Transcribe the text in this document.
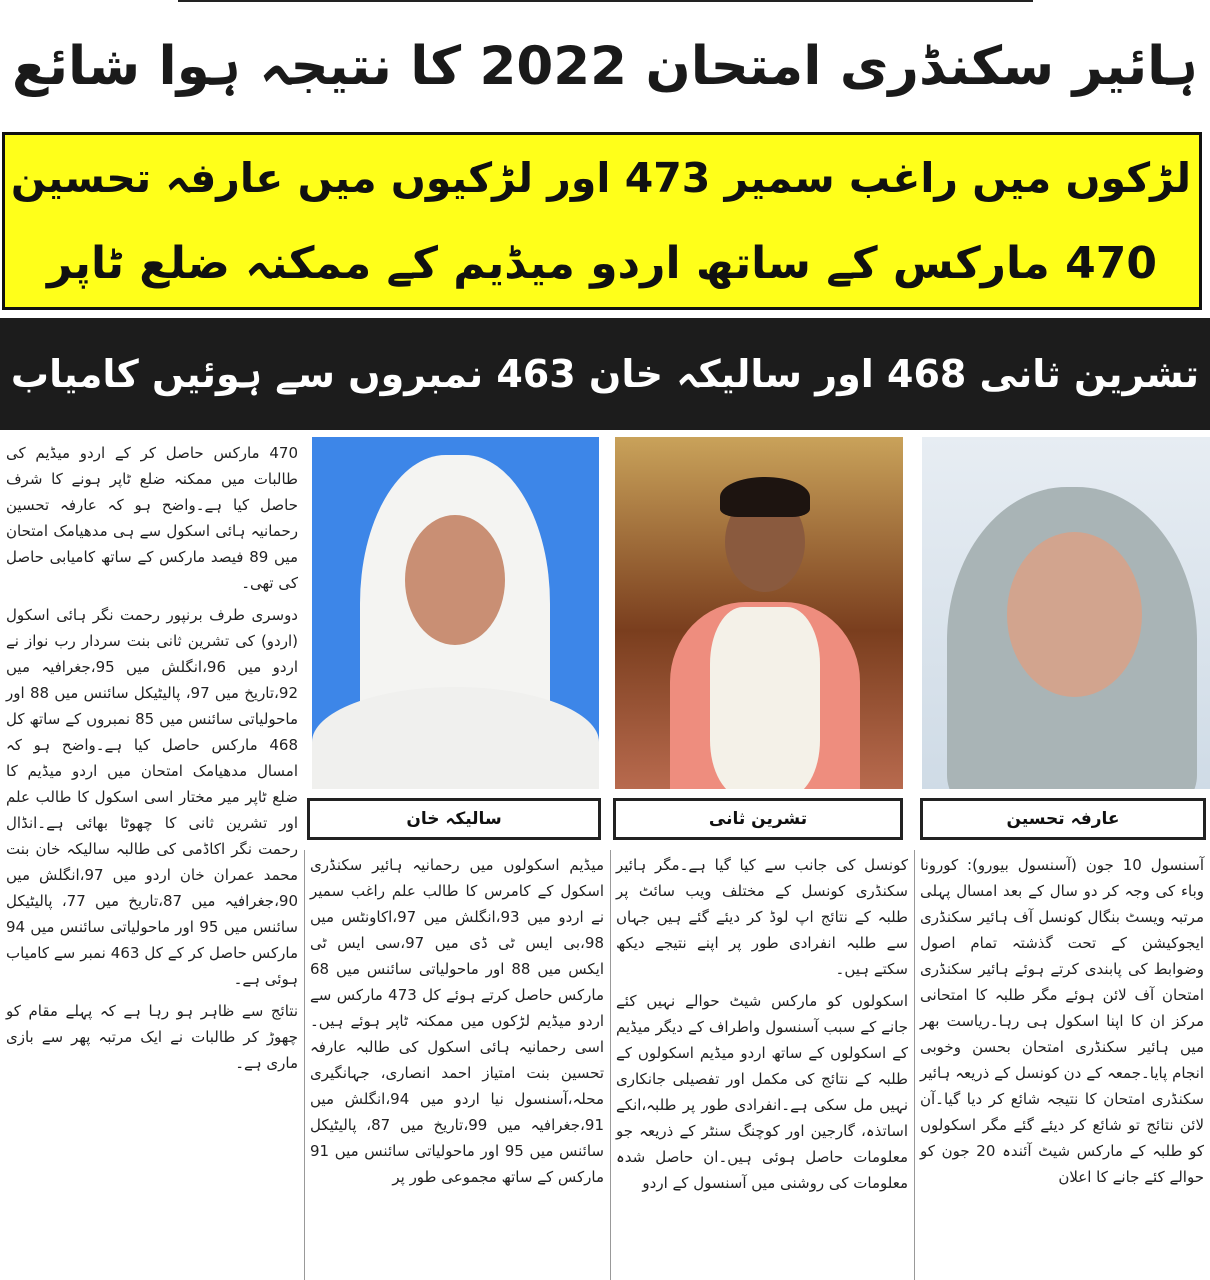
ہائیر سکنڈری امتحان 2022 کا نتیجہ ہوا شائع
لڑکوں میں راغب سمیر 473 اور لڑکیوں میں عارفہ تحسین
470 مارکس کے ساتھ اردو میڈیم کے ممکنہ ضلع ٹاپر
تشرین ثانی 468 اور سالیکہ خان 463 نمبروں سے ہوئیں کامیاب

470 مارکس حاصل کر کے اردو میڈیم کی طالبات میں ممکنہ ضلع ٹاپر ہونے کا شرف حاصل کیا ہے۔واضح ہو کہ عارفہ تحسین رحمانیہ ہائی اسکول سے ہی مدھیامک امتحان میں 89 فیصد مارکس کے ساتھ کامیابی حاصل کی تھی۔

دوسری طرف برنپور رحمت نگر ہائی اسکول (اردو) کی تشرین ثانی بنت سردار رب نواز نے اردو میں 96،انگلش میں 95،جغرافیہ میں 92،تاریخ میں 97، پالیٹیکل سائنس میں 88 اور ماحولیاتی سائنس میں 85 نمبروں کے ساتھ کل 468 مارکس حاصل کیا ہے۔واضح ہو کہ امسال مدھیامک امتحان میں اردو میڈیم کا ضلع ٹاپر میر مختار اسی اسکول کا طالب علم اور تشرین ثانی کا چھوٹا بھائی ہے۔انڈال رحمت نگر اکاڈمی کی طالبہ سالیکہ خان بنت محمد عمران خان اردو میں 97،انگلش میں 90،جغرافیہ میں 87،تاریخ میں 77، پالیٹیکل سائنس میں 95 اور ماحولیاتی سائنس میں 94 مارکس حاصل کر کے کل 463 نمبر سے کامیاب ہوئی ہے۔

نتائج سے ظاہر ہو رہا ہے کہ پہلے مقام کو چھوڑ کر طالبات نے ایک مرتبہ پھر سے بازی ماری ہے۔

سالیکہ خان	تشرین ثانی	عارفہ تحسین

میڈیم اسکولوں میں رحمانیہ ہائیر سکنڈری اسکول کے کامرس کا طالب علم راغب سمیر نے اردو میں 93،انگلش میں 97،اکاونٹس میں 98،بی ایس ٹی ڈی میں 97،سی ایس ٹی ایکس میں 88 اور ماحولیاتی سائنس میں 68 مارکس حاصل کرتے ہوئے کل 473 مارکس سے اردو میڈیم لڑکوں میں ممکنہ ٹاپر ہوئے ہیں۔اسی رحمانیہ ہائی اسکول کی طالبہ عارفہ تحسین بنت امتیاز احمد انصاری، جہانگیری محلہ،آسنسول نیا اردو میں 94،انگلش میں 91،جغرافیہ میں 99،تاریخ میں 87، پالیٹیکل سائنس میں 95 اور ماحولیاتی سائنس میں 91 مارکس کے ساتھ مجموعی طور پر

کونسل کی جانب سے کیا گیا ہے۔مگر ہائیر سکنڈری کونسل کے مختلف ویب سائٹ پر طلبہ کے نتائج اپ لوڈ کر دیئے گئے ہیں جہاں سے طلبہ انفرادی طور پر اپنے نتیجے دیکھ سکتے ہیں۔

اسکولوں کو مارکس شیٹ حوالے نہیں کئے جانے کے سبب آسنسول واطراف کے دیگر میڈیم کے اسکولوں کے ساتھ اردو میڈیم اسکولوں کے طلبہ کے نتائج کی مکمل اور تفصیلی جانکاری نہیں مل سکی ہے۔انفرادی طور پر طلبہ،انکے اساتذہ، گارجین اور کوچنگ سنٹر کے ذریعہ جو معلومات حاصل ہوئی ہیں۔ان حاصل شدہ معلومات کی روشنی میں آسنسول کے اردو

آسنسول 10 جون (آسنسول بیورو): کورونا وباء کی وجہ کر دو سال کے بعد امسال پہلی مرتبہ ویسٹ بنگال کونسل آف ہائیر سکنڈری ایجوکیشن کے تحت گذشتہ تمام اصول وضوابط کی پابندی کرتے ہوئے ہائیر سکنڈری امتحان آف لائن ہوئے مگر طلبہ کا امتحانی مرکز ان کا اپنا اسکول ہی رہا۔ریاست بھر میں ہائیر سکنڈری امتحان بحسن وخوبی انجام پایا۔جمعہ کے دن کونسل کے ذریعہ ہائیر سکنڈری امتحان کا نتیجہ شائع کر دیا گیا۔آن لائن نتائج تو شائع کر دیئے گئے مگر اسکولوں کو طلبہ کے مارکس شیٹ آئندہ 20 جون کو حوالے کئے جانے کا اعلان
